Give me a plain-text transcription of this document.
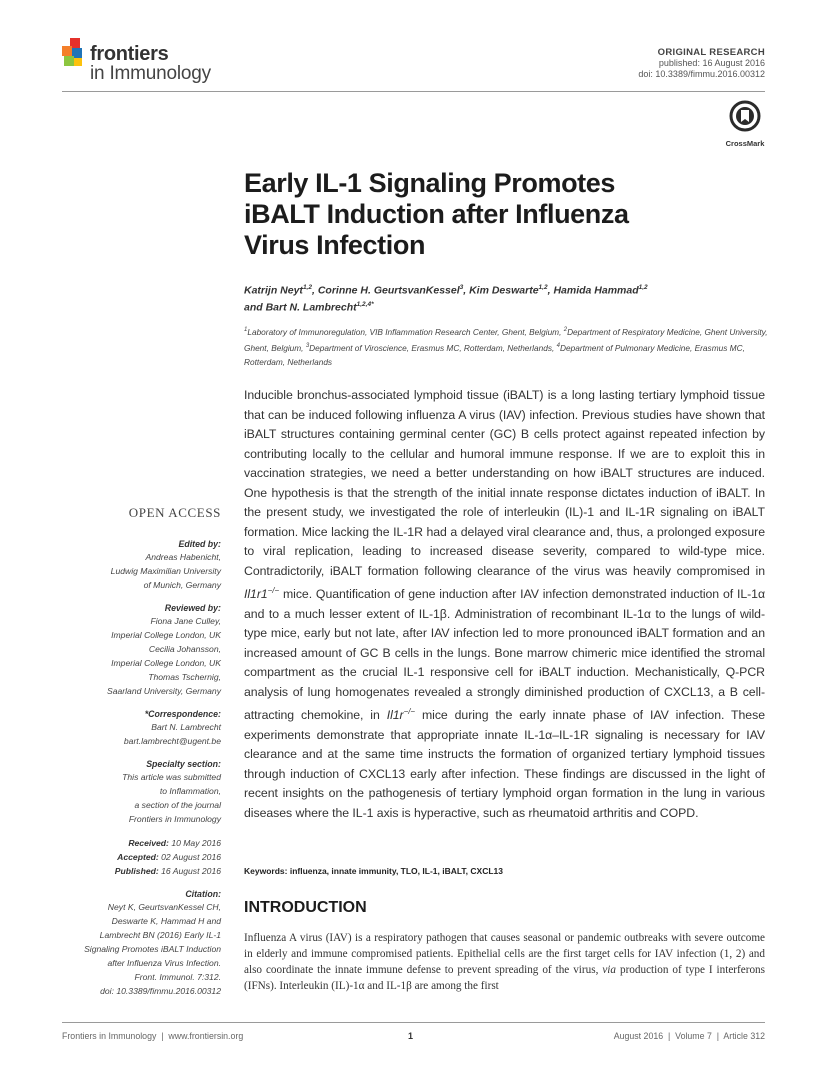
frontiers
in Immunology
ORIGINAL RESEARCH
published: 16 August 2016
doi: 10.3389/fimmu.2016.00312
CrossMark
Early IL-1 Signaling Promotes
iBALT Induction after Influenza
Virus Infection
Katrijn Neyt$^{1,2}$, Corinne H. GeurtsvanKessel$^3$, Kim Deswarte$^{1,2}$, Hamida Hammad$^{1,2}$
and Bart N. Lambrecht$^{1,2,4*}$
$^1$Laboratory of Immunoregulation, VIB Inflammation Research Center, Ghent, Belgium, $^2$Department of Respiratory Medicine, Ghent University, Ghent, Belgium, $^3$Department of Viroscience, Erasmus MC, Rotterdam, Netherlands, $^4$Department of Pulmonary Medicine, Erasmus MC, Rotterdam, Netherlands
Inducible bronchus-associated lymphoid tissue (iBALT) is a long lasting tertiary lymphoid tissue that can be induced following influenza A virus (IAV) infection. Previous studies have shown that iBALT structures containing germinal center (GC) B cells protect against repeated infection by contributing locally to the cellular and humoral immune response. If we are to exploit this in vaccination strategies, we need a better understanding on how iBALT structures are induced. One hypothesis is that the strength of the initial innate response dictates induction of iBALT. In the present study, we investigated the role of interleukin (IL)-1 and IL-1R signaling on iBALT formation. Mice lacking the IL-1R had a delayed viral clearance and, thus, a prolonged exposure to viral replication, leading to increased disease severity, compared to wild-type mice. Contradictorily, iBALT formation following clearance of the virus was heavily compromised in Il1r1−/− mice. Quantification of gene induction after IAV infection demonstrated induction of IL-1α and to a much lesser extent of IL-1β. Administration of recombinant IL-1α to the lungs of wild-type mice, early but not late, after IAV infection led to more pronounced iBALT formation and an increased amount of GC B cells in the lungs. Bone marrow chimeric mice identified the stromal compartment as the crucial IL-1 responsive cell for iBALT induction. Mechanistically, Q-PCR analysis of lung homogenates revealed a strongly diminished production of CXCL13, a B cell-attracting chemokine, in Il1r−/− mice during the early innate phase of IAV infection. These experiments demonstrate that appropriate innate IL-1α–IL-1R signaling is necessary for IAV clearance and at the same time instructs the formation of organized tertiary lymphoid tissues through induction of CXCL13 early after infection. These findings are discussed in the light of recent insights on the pathogenesis of tertiary lymphoid organ formation in the lung in various diseases where the IL-1 axis is hyperactive, such as rheumatoid arthritis and COPD.
Keywords: influenza, innate immunity, TLO, IL-1, iBALT, CXCL13
INTRODUCTION
Influenza A virus (IAV) is a respiratory pathogen that causes seasonal or pandemic outbreaks with severe outcome in elderly and immune compromised patients. Epithelial cells are the first target cells for IAV infection (1, 2) and also coordinate the innate immune defense to prevent spreading of the virus, via production of type I interferons (IFNs). Interleukin (IL)-1α and IL-1β are among the first
OPEN ACCESS
Edited by:
Andreas Habenicht,
Ludwig Maximilian University
of Munich, Germany
Reviewed by:
Fiona Jane Culley,
Imperial College London, UK
Cecilia Johansson,
Imperial College London, UK
Thomas Tschernig,
Saarland University, Germany
*Correspondence:
Bart N. Lambrecht
bart.lambrecht@ugent.be
Specialty section:
This article was submitted
to Inflammation,
a section of the journal
Frontiers in Immunology
Received: 10 May 2016
Accepted: 02 August 2016
Published: 16 August 2016
Citation:
Neyt K, GeurtsvanKessel CH,
Deswarte K, Hammad H and
Lambrecht BN (2016) Early IL-1
Signaling Promotes iBALT Induction
after Influenza Virus Infection.
Front. Immunol. 7:312.
doi: 10.3389/fimmu.2016.00312
Frontiers in Immunology  |  www.frontiersin.org	1	August 2016  |  Volume 7  |  Article 312
